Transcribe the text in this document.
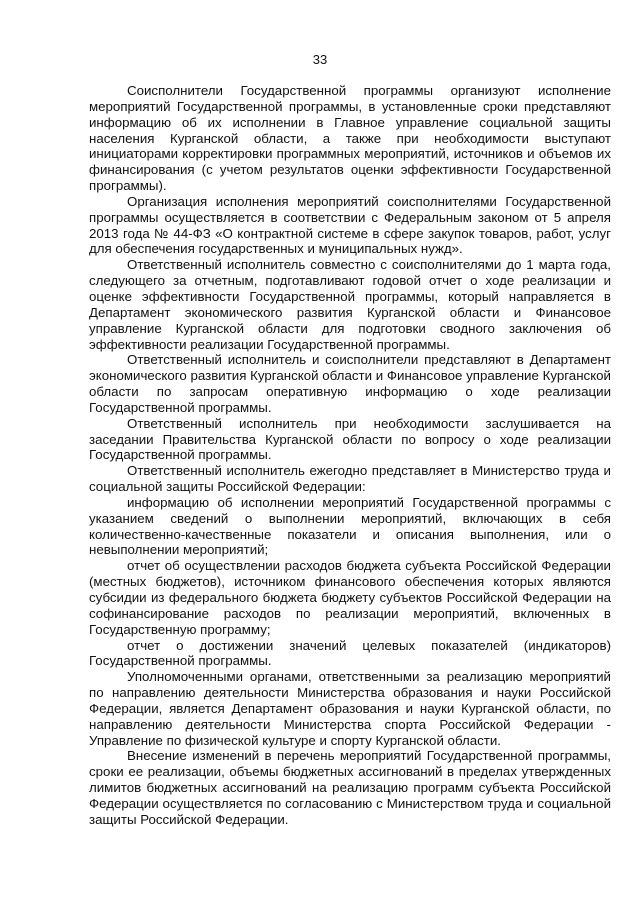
33

Соисполнители Государственной программы организуют исполнение мероприятий Государственной программы, в установленные сроки представляют информацию об их исполнении в Главное управление социальной защиты населения Курганской области, а также при необходимости выступают инициаторами корректировки программных мероприятий, источников и объемов их финансирования (с учетом результатов оценки эффективности Государственной программы).

Организация исполнения мероприятий соисполнителями Государственной программы осуществляется в соответствии с Федеральным законом от 5 апреля 2013 года № 44-ФЗ «О контрактной системе в сфере закупок товаров, работ, услуг для обеспечения государственных и муниципальных нужд».

Ответственный исполнитель совместно с соисполнителями до 1 марта года, следующего за отчетным, подготавливают годовой отчет о ходе реализации и оценке эффективности Государственной программы, который направляется в Департамент экономического развития Курганской области и Финансовое управление Курганской области для подготовки сводного заключения об эффективности реализации Государственной программы.

Ответственный исполнитель и соисполнители представляют в Департамент экономического развития Курганской области и Финансовое управление Курганской области по запросам оперативную информацию о ходе реализации Государственной программы.

Ответственный исполнитель при необходимости заслушивается на заседании Правительства Курганской области по вопросу о ходе реализации Государственной программы.

Ответственный исполнитель ежегодно представляет в Министерство труда и социальной защиты Российской Федерации:

информацию об исполнении мероприятий Государственной программы с указанием сведений о выполнении мероприятий, включающих в себя количественно-качественные показатели и описания выполнения, или о невыполнении мероприятий;

отчет об осуществлении расходов бюджета субъекта Российской Федерации (местных бюджетов), источником финансового обеспечения которых являются субсидии из федерального бюджета бюджету субъектов Российской Федерации на софинансирование расходов по реализации мероприятий, включенных в Государственную программу;

отчет о достижении значений целевых показателей (индикаторов) Государственной программы.

Уполномоченными органами, ответственными за реализацию мероприятий по направлению деятельности Министерства образования и науки Российской Федерации, является Департамент образования и науки Курганской области, по направлению деятельности Министерства спорта Российской Федерации - Управление по физической культуре и спорту Курганской области.

Внесение изменений в перечень мероприятий Государственной программы, сроки ее реализации, объемы бюджетных ассигнований в пределах утвержденных лимитов бюджетных ассигнований на реализацию программ субъекта Российской Федерации осуществляется по согласованию с Министерством труда и социальной защиты Российской Федерации.
